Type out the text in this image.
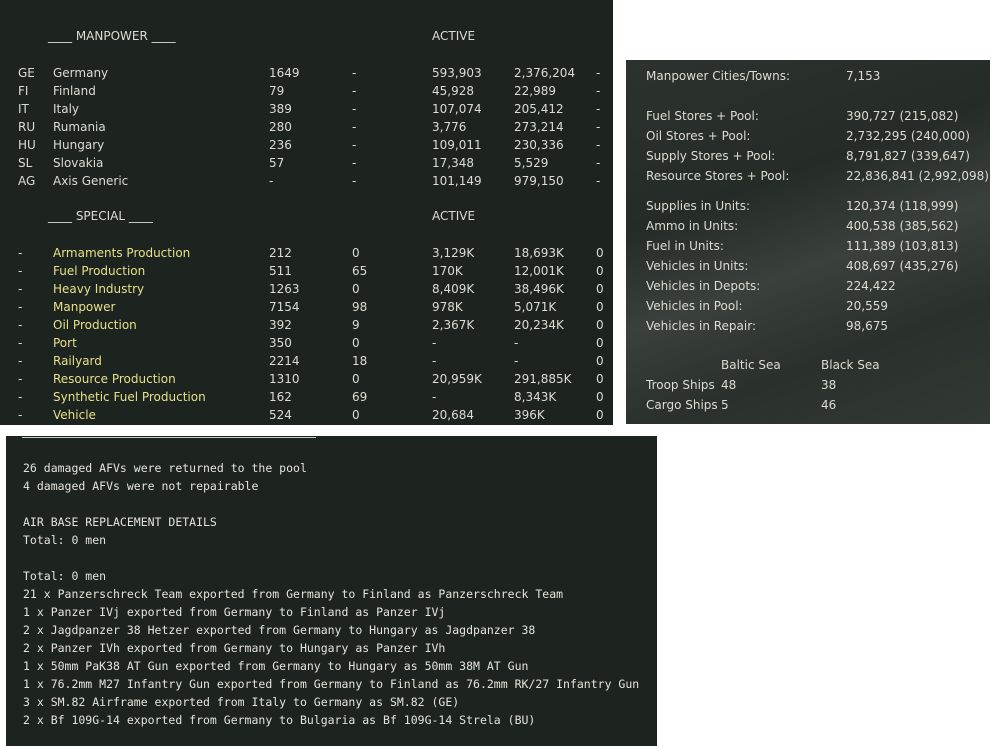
____ MANPOWER ____	ACTIVE
GE Germany	1649	-	593,903	2,376,204 -
FI Finland	79	-	45,928	22,989	-
IT Italy	389	-	107,074	205,412	-
RU Rumania	280	-	3,776	273,214	-
HU Hungary	236	-	109,011	230,336	-
SL Slovakia	57	-	17,348	5,529	-
AG Axis Generic	-	-	101,149	979,150	-
____ SPECIAL ____	ACTIVE
-	Armaments Production	212	0	3,129K	18,693K	0
-	Fuel Production	511	65	170K	12,001K	0
-	Heavy Industry	1263	0	8,409K	38,496K	0
-	Manpower	7154	98	978K	5,071K	0
-	Oil Production	392	9	2,367K	20,234K	0
-	Port	350	0	-	-	0
-	Railyard	2214	18	-	-	0
-	Resource Production	1310	0	20,959K	291,885K 0
-	Synthetic Fuel Production	162	69	-	8,343K	0
-	Vehicle	524	0	20,684	396K	0
Manpower Cities/Towns:	7,153
Fuel Stores + Pool:	390,727 (215,082)
Oil Stores + Pool:	2,732,295 (240,000)
Supply Stores + Pool:	8,791,827 (339,647)
Resource Stores + Pool:	22,836,841 (2,992,098)
Supplies in Units:	120,374 (118,999)
Ammo in Units:	400,538 (385,562)
Fuel in Units:	111,389 (103,813)
Vehicles in Units:	408,697 (435,276)
Vehicles in Depots:	224,422
Vehicles in Pool:	20,559
Vehicles in Repair:	98,675
Baltic Sea	Black Sea
Troop Ships 48	38
Cargo Ships 5	46
26 damaged AFVs were returned to the pool
4 damaged AFVs were not repairable
AIR BASE REPLACEMENT DETAILS
Total: 0 men
Total: 0 men
21 x Panzerschreck Team exported from Germany to Finland as Panzerschreck Team
1 x Panzer IVj exported from Germany to Finland as Panzer IVj
2 x Jagdpanzer 38 Hetzer exported from Germany to Hungary as Jagdpanzer 38
2 x Panzer IVh exported from Germany to Hungary as Panzer IVh
1 x 50mm PaK38 AT Gun exported from Germany to Hungary as 50mm 38M AT Gun
1 x 76.2mm M27 Infantry Gun exported from Germany to Finland as 76.2mm RK/27 Infantry Gun
3 x SM.82 Airframe exported from Italy to Germany as SM.82 (GE)
2 x Bf 109G-14 exported from Germany to Bulgaria as Bf 109G-14 Strela (BU)
